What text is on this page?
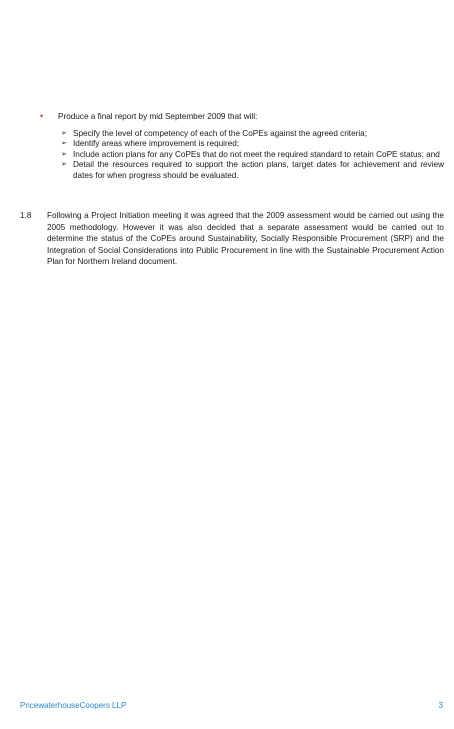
•	Produce a final report by mid September 2009 that will:
➢ Specify the level of competency of each of the CoPEs against the agreed criteria;
➢ Identify areas where improvement is required;
➢ Include action plans for any CoPEs that do not meet the required standard to retain CoPE status; and
➢ Detail the resources required to support the action plans, target dates for achievement and review dates for when progress should be evaluated.
1.8	Following a Project Initiation meeting it was agreed that the 2009 assessment would be carried out using the 2005 methodology. However it was also decided that a separate assessment would be carried out to determine the status of the CoPEs around Sustainability, Socially Responsible Procurement (SRP) and the Integration of Social Considerations into Public Procurement in line with the Sustainable Procurement Action Plan for Northern Ireland document.
PricewaterhouseCoopers LLP	3
